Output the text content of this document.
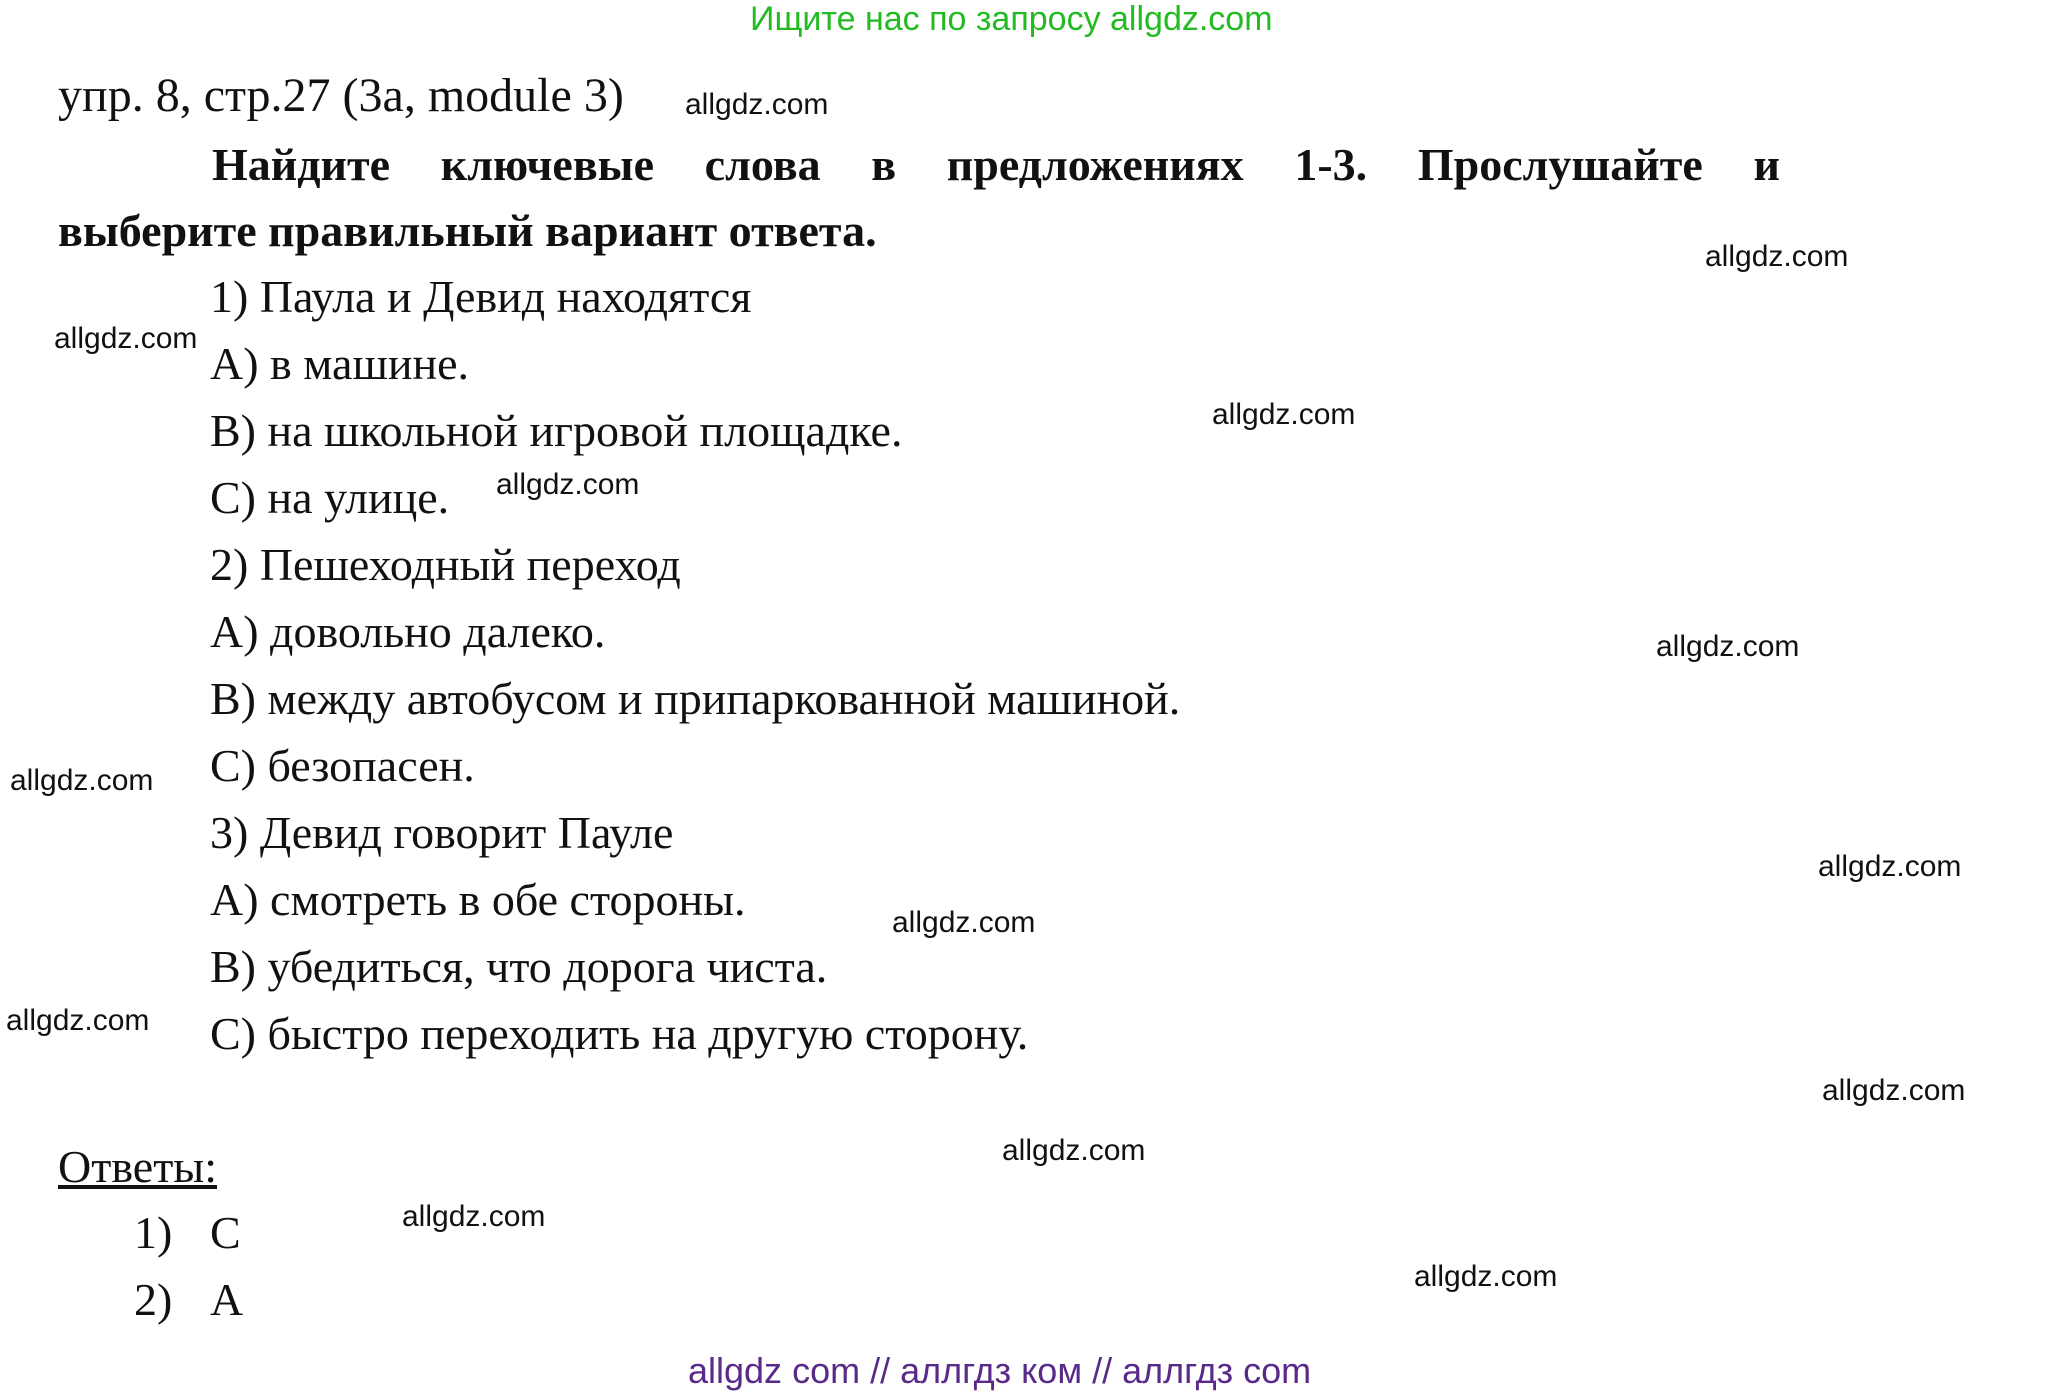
Ищите нас по запросу allgdz.com
упр. 8, стр.27 (3a, module 3)
Найдите ключевые слова в предложениях 1-3. Прослушайте и
выберите правильный вариант ответа.
1) Паула и Девид находятся
A) в машине.
B) на школьной игровой площадке.
C) на улице.
2) Пешеходный переход
A) довольно далеко.
B) между автобусом и припаркованной машиной.
C) безопасен.
3) Девид говорит Пауле
A) смотреть в обе стороны.
B) убедиться, что дорога чиста.
C) быстро переходить на другую сторону.
Ответы:
1) C
2) A
allgdz.com
allgdz.com
allgdz.com
allgdz.com
allgdz.com
allgdz.com
allgdz.com
allgdz.com
allgdz.com
allgdz.com
allgdz.com
allgdz.com
allgdz.com
allgdz.com
allgdz com // аллгдз ком // аллгдз com
